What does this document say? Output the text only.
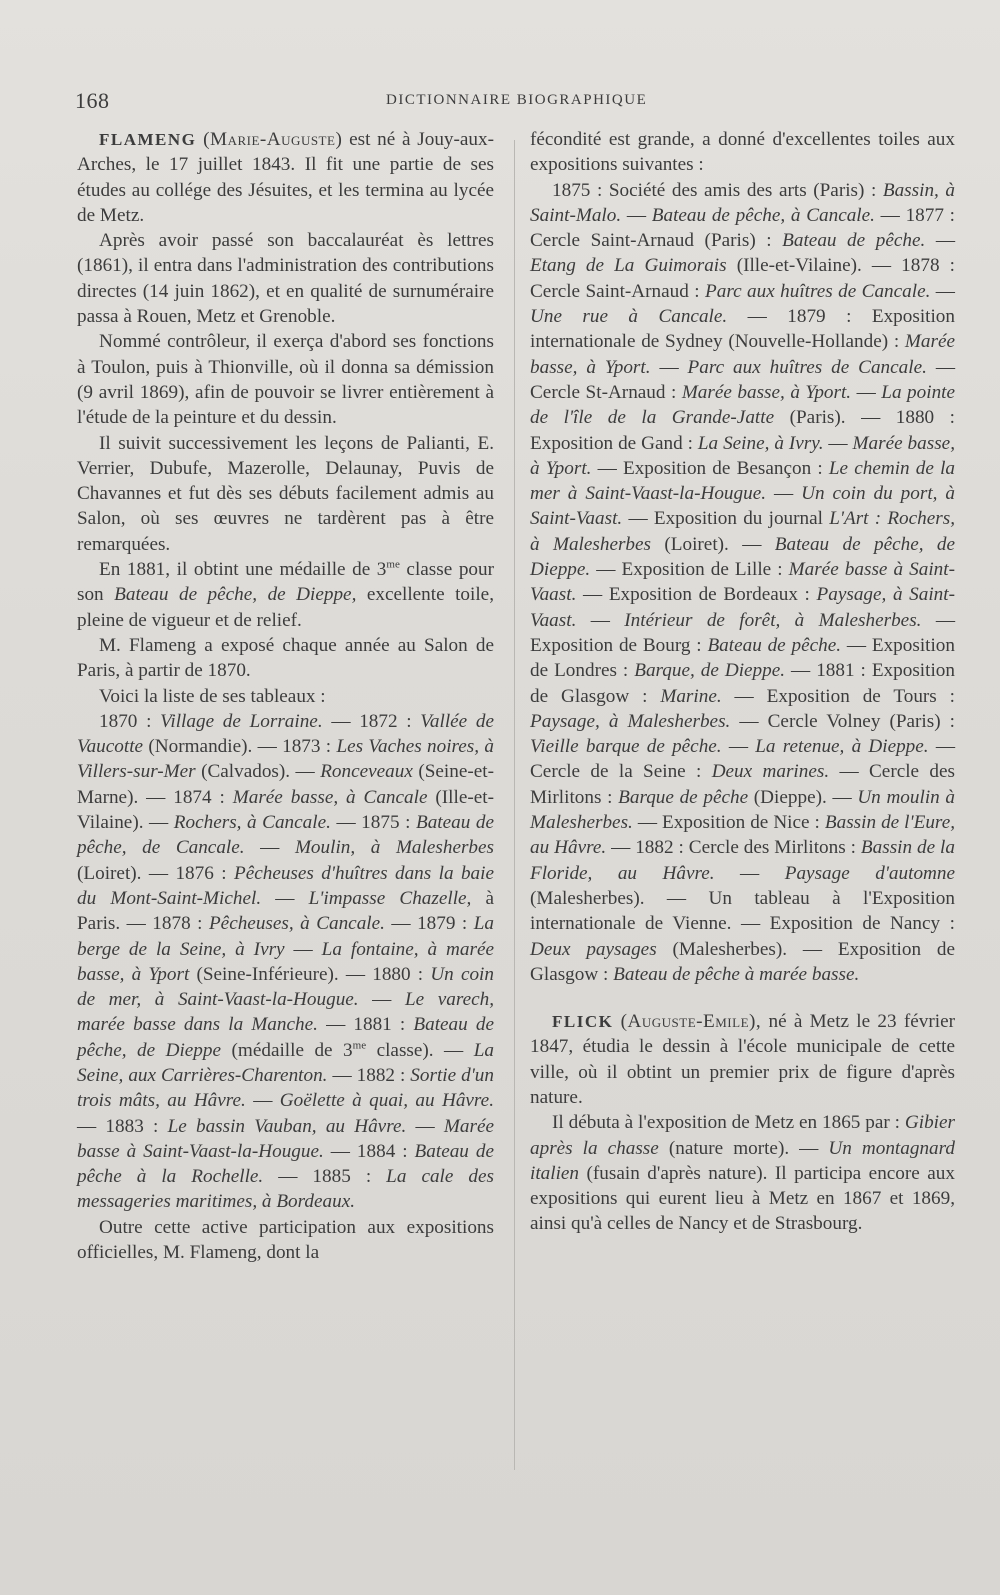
168	DICTIONNAIRE BIOGRAPHIQUE

FLAMENG (Marie-Auguste) est né à Jouy-aux-Arches, le 17 juillet 1843. Il fit une partie de ses études au collége des Jésuites, et les termina au lycée de Metz.

Après avoir passé son baccalauréat ès lettres (1861), il entra dans l'administration des contributions directes (14 juin 1862), et en qualité de surnuméraire passa à Rouen, Metz et Grenoble.

Nommé contrôleur, il exerça d'abord ses fonctions à Toulon, puis à Thionville, où il donna sa démission (9 avril 1869), afin de pouvoir se livrer entièrement à l'étude de la peinture et du dessin.

Il suivit successivement les leçons de Palianti, E. Verrier, Dubufe, Mazerolle, Delaunay, Puvis de Chavannes et fut dès ses débuts facilement admis au Salon, où ses œuvres ne tardèrent pas à être remarquées.

En 1881, il obtint une médaille de $3^{me}$ classe pour son Bateau de pêche, de Dieppe, excellente toile, pleine de vigueur et de relief.

M. Flameng a exposé chaque année au Salon de Paris, à partir de 1870.

Voici la liste de ses tableaux :

1870 : Village de Lorraine. — 1872 : Vallée de Vaucotte (Normandie). — 1873 : Les Vaches noires, à Villers-sur-Mer (Calvados). — Ronceveaux (Seine-et-Marne). — 1874 : Marée basse, à Cancale (Ille-et-Vilaine). — Rochers, à Cancale. — 1875 : Bateau de pêche, de Cancale. — Moulin, à Malesherbes (Loiret). — 1876 : Pêcheuses d'huîtres dans la baie du Mont-Saint-Michel. — L'impasse Chazelle, à Paris. — 1878 : Pêcheuses, à Cancale. — 1879 : La berge de la Seine, à Ivry — La fontaine, à marée basse, à Yport (Seine-Inférieure). — 1880 : Un coin de mer, à Saint-Vaast-la-Hougue. — Le varech, marée basse dans la Manche. — 1881 : Bateau de pêche, de Dieppe (médaille de $3^{me}$ classe). — La Seine, aux Carrières-Charenton. — 1882 : Sortie d'un trois mâts, au Hâvre. — Goëlette à quai, au Hâvre. — 1883 : Le bassin Vauban, au Hâvre. — Marée basse à Saint-Vaast-la-Hougue. — 1884 : Bateau de pêche à la Rochelle. — 1885 : La cale des messageries maritimes, à Bordeaux.

Outre cette active participation aux expositions officielles, M. Flameng, dont la

fécondité est grande, a donné d'excellentes toiles aux expositions suivantes :

1875 : Société des amis des arts (Paris) : Bassin, à Saint-Malo. — Bateau de pêche, à Cancale. — 1877 : Cercle Saint-Arnaud (Paris) : Bateau de pêche. — Etang de La Guimorais (Ille-et-Vilaine). — 1878 : Cercle Saint-Arnaud : Parc aux huîtres de Cancale. — Une rue à Cancale. — 1879 : Exposition internationale de Sydney (Nouvelle-Hollande) : Marée basse, à Yport. — Parc aux huîtres de Cancale. — Cercle St-Arnaud : Marée basse, à Yport. — La pointe de l'île de la Grande-Jatte (Paris). — 1880 : Exposition de Gand : La Seine, à Ivry. — Marée basse, à Yport. — Exposition de Besançon : Le chemin de la mer à Saint-Vaast-la-Hougue. — Un coin du port, à Saint-Vaast. — Exposition du journal L'Art : Rochers, à Malesherbes (Loiret). — Bateau de pêche, de Dieppe. — Exposition de Lille : Marée basse à Saint-Vaast. — Exposition de Bordeaux : Paysage, à Saint-Vaast. — Intérieur de forêt, à Malesherbes. — Exposition de Bourg : Bateau de pêche. — Exposition de Londres : Barque, de Dieppe. — 1881 : Exposition de Glasgow : Marine. — Exposition de Tours : Paysage, à Malesherbes. — Cercle Volney (Paris) : Vieille barque de pêche. — La retenue, à Dieppe. — Cercle de la Seine : Deux marines. — Cercle des Mirlitons : Barque de pêche (Dieppe). — Un moulin à Malesherbes. — Exposition de Nice : Bassin de l'Eure, au Hâvre. — 1882 : Cercle des Mirlitons : Bassin de la Floride, au Hâvre. — Paysage d'automne (Malesherbes). — Un tableau à l'Exposition internationale de Vienne. — Exposition de Nancy : Deux paysages (Malesherbes). — Exposition de Glasgow : Bateau de pêche à marée basse.

FLICK (Auguste-Emile), né à Metz le 23 février 1847, étudia le dessin à l'école municipale de cette ville, où il obtint un premier prix de figure d'après nature.

Il débuta à l'exposition de Metz en 1865 par : Gibier après la chasse (nature morte). — Un montagnard italien (fusain d'après nature). Il participa encore aux expositions qui eurent lieu à Metz en 1867 et 1869, ainsi qu'à celles de Nancy et de Strasbourg.
